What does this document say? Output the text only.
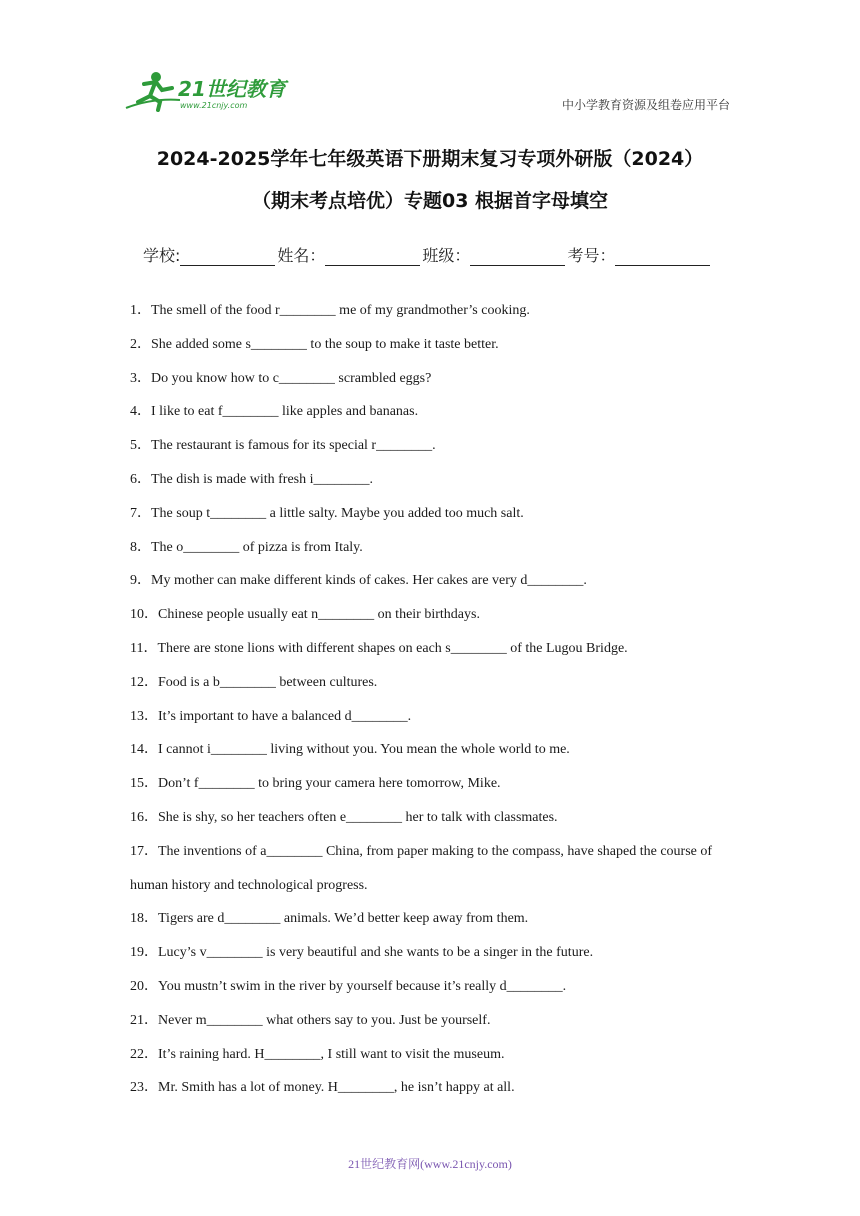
21世纪教育
www.21cnjy.com	中小学教育资源及组卷应用平台
2024-2025学年七年级英语下册期末复习专项外研版（2024）
（期末考点培优）专题03 根据首字母填空
学校:	姓名：	班级：	考号：
1．The smell of the food r________ me of my grandmother’s cooking.
2．She added some s________ to the soup to make it taste better.
3．Do you know how to c________ scrambled eggs?
4．I like to eat f________ like apples and bananas.
5．The restaurant is famous for its special r________.
6．The dish is made with fresh i________.
7．The soup t________ a little salty. Maybe you added too much salt.
8．The o________ of pizza is from Italy.
9．My mother can make different kinds of cakes. Her cakes are very d________.
10．Chinese people usually eat n________ on their birthdays.
11．There are stone lions with different shapes on each s________ of the Lugou Bridge.
12．Food is a b________ between cultures.
13．It’s important to have a balanced d________.
14．I cannot i________ living without you. You mean the whole world to me.
15．Don’t f________ to bring your camera here tomorrow, Mike.
16．She is shy, so her teachers often e________ her to talk with classmates.
17．The inventions of a________ China, from paper making to the compass, have shaped the course of human history and technological progress.
18．Tigers are d________ animals. We’d better keep away from them.
19．Lucy’s v________ is very beautiful and she wants to be a singer in the future.
20．You mustn’t swim in the river by yourself because it’s really d________.
21．Never m________ what others say to you. Just be yourself.
22．It’s raining hard. H________, I still want to visit the museum.
23．Mr. Smith has a lot of money. H________, he isn’t happy at all.
21世纪教育网(www.21cnjy.com)
